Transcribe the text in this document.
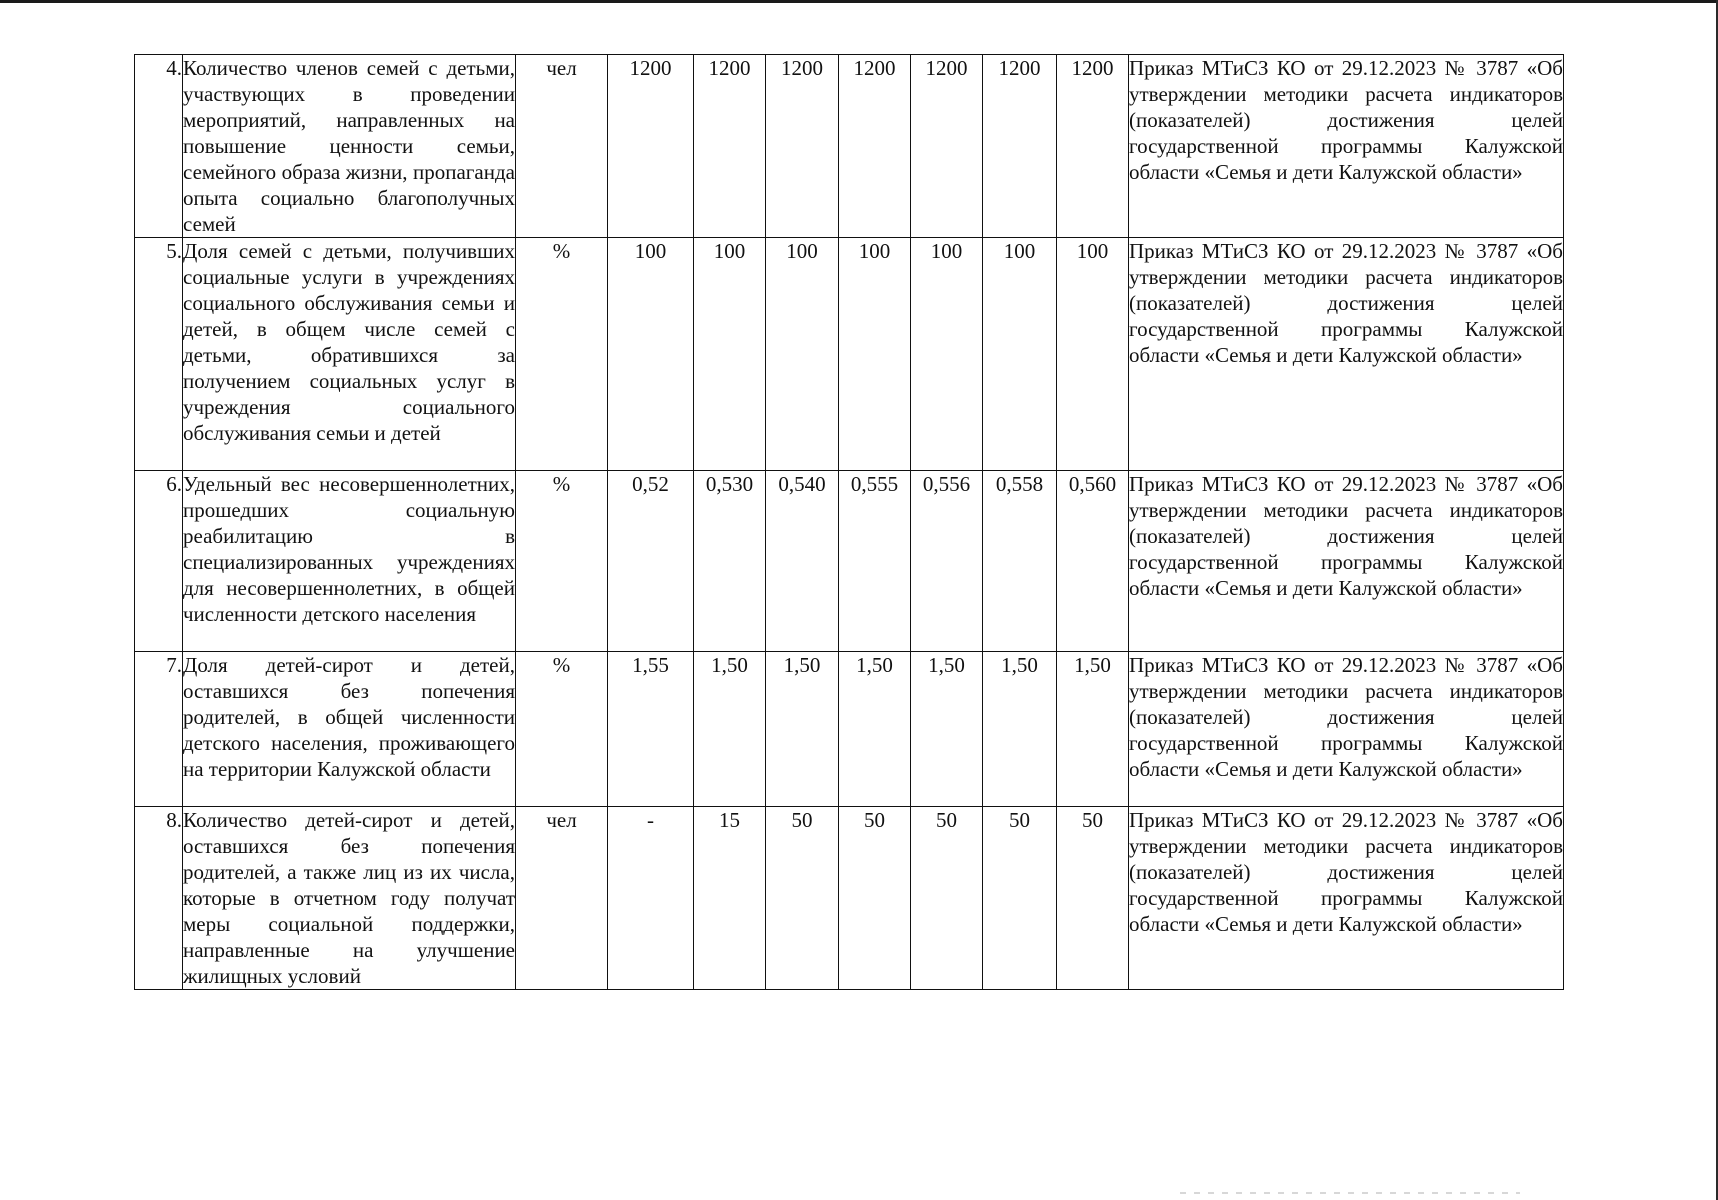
4.	Количество членов семей с детьми, участвующих в проведении мероприятий, направленных на повышение ценности семьи, семейного образа жизни, пропаганда опыта социально благополучных семей	чел	1200	1200	1200	1200	1200	1200	1200	Приказ МТиСЗ КО от 29.12.2023 № 3787 «Об утверждении методики расчета индикаторов (показателей) достижения целей государственной программы Калужской области «Семья и дети Калужской области»
5.	Доля семей с детьми, получивших социальные услуги в учреждениях социального обслуживания семьи и детей, в общем числе семей с детьми, обратившихся за получением социальных услуг в учреждения социального обслуживания семьи и детей	%	100	100	100	100	100	100	100	Приказ МТиСЗ КО от 29.12.2023 № 3787 «Об утверждении методики расчета индикаторов (показателей) достижения целей государственной программы Калужской области «Семья и дети Калужской области»
6.	Удельный вес несовершеннолетних, прошедших социальную реабилитацию в специализированных учреждениях для несовершеннолетних, в общей численности детского населения	%	0,52	0,530	0,540	0,555	0,556	0,558	0,560	Приказ МТиСЗ КО от 29.12.2023 № 3787 «Об утверждении методики расчета индикаторов (показателей) достижения целей государственной программы Калужской области «Семья и дети Калужской области»
7.	Доля детей-сирот и детей, оставшихся без попечения родителей, в общей численности детского населения, проживающего на территории Калужской области	%	1,55	1,50	1,50	1,50	1,50	1,50	1,50	Приказ МТиСЗ КО от 29.12.2023 № 3787 «Об утверждении методики расчета индикаторов (показателей) достижения целей государственной программы Калужской области «Семья и дети Калужской области»
8.	Количество детей-сирот и детей, оставшихся без попечения родителей, а также лиц из их числа, которые в отчетном году получат меры социальной поддержки, направленные на улучшение жилищных условий	чел	-	15	50	50	50	50	50	Приказ МТиСЗ КО от 29.12.2023 № 3787 «Об утверждении методики расчета индикаторов (показателей) достижения целей государственной программы Калужской области «Семья и дети Калужской области»
